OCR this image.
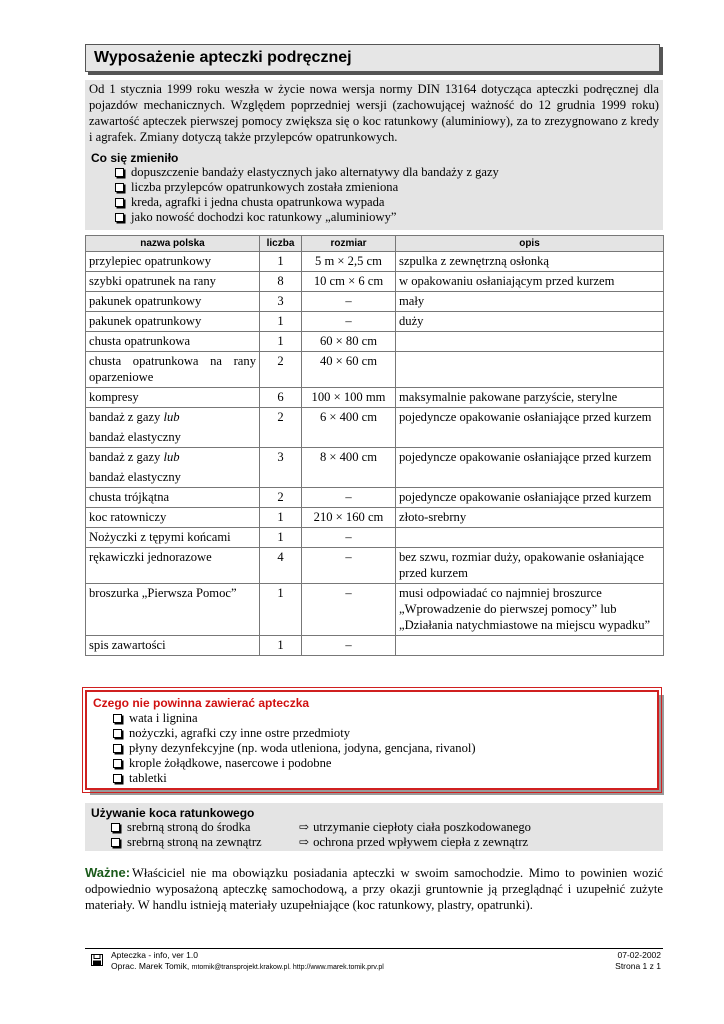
Wyposażenie apteczki podręcznej

Od 1 stycznia 1999 roku weszła w życie nowa wersja normy DIN 13164 dotycząca apteczki podręcznej dla pojazdów mechanicznych. Względem poprzedniej wersji (zachowującej ważność do 12 grudnia 1999 roku) zawartość apteczek pierwszej pomocy zwiększa się o koc ratunkowy (aluminiowy), za to zrezygnowano z kredy i agrafek. Zmiany dotyczą także przylepców opatrunkowych.

Co się zmieniło
dopuszczenie bandaży elastycznych jako alternatywy dla bandaży z gazy
liczba przylepców opatrunkowych została zmieniona
kreda, agrafki i jedna chusta opatrunkowa wypada
jako nowość dochodzi koc ratunkowy „aluminiowy”
nazwa polska	liczba	rozmiar	opis
przylepiec opatrunkowy	1	5 m × 2,5 cm	szpulka z zewnętrzną osłonką
szybki opatrunek na rany	8	10 cm × 6 cm	w opakowaniu osłaniającym przed kurzem
pakunek opatrunkowy	3	–	mały
pakunek opatrunkowy	1	–	duży
chusta opatrunkowa	1	60 × 80 cm	
chusta opatrunkowa na rany oparzeniowe	2	40 × 60 cm	
kompresy	6	100 × 100 mm	maksymalnie pakowane parzyście, sterylne
bandaż z gazy lub
bandaż elastyczny	2	6 × 400 cm	pojedyncze opakowanie osłaniające przed kurzem
bandaż z gazy lub
bandaż elastyczny	3	8 × 400 cm	pojedyncze opakowanie osłaniające przed kurzem
chusta trójkątna	2	–	pojedyncze opakowanie osłaniające przed kurzem
koc ratowniczy	1	210 × 160 cm	złoto-srebrny
Nożyczki z tępymi końcami	1	–	
rękawiczki jednorazowe	4	–	bez szwu, rozmiar duży, opakowanie osłaniające przed kurzem
broszurka „Pierwsza Pomoc”	1	–	musi odpowiadać co najmniej broszurce „Wprowadzenie do pierwszej pomocy” lub „Działania natychmiastowe na miejscu wypadku”
spis zawartości	1	–	
Czego nie powinna zawierać apteczka
wata i lignina
nożyczki, agrafki czy inne ostre przedmioty
płyny dezynfekcyjne (np. woda utleniona, jodyna, gencjana, rivanol)
krople żołądkowe, nasercowe i podobne
tabletki
Używanie koca ratunkowego
srebrną stroną do środka	⇨ utrzymanie ciepłoty ciała poszkodowanego
srebrną stroną na zewnątrz	⇨ ochrona przed wpływem ciepła z zewnątrz
Ważne: Właściciel nie ma obowiązku posiadania apteczki w swoim samochodzie. Mimo to powinien wozić odpowiednio wyposażoną apteczkę samochodową, a przy okazji gruntownie ją przeglądnąć i uzupełnić zużyte materiały. W handlu istnieją materiały uzupełniające (koc ratunkowy, plastry, opatrunki).
Apteczka - info, ver 1.0
Oprac. Marek Tomik, mtomik@transprojekt.krakow.pl. http://www.marek.tomik.prv.pl
07-02-2002
Strona 1 z 1
